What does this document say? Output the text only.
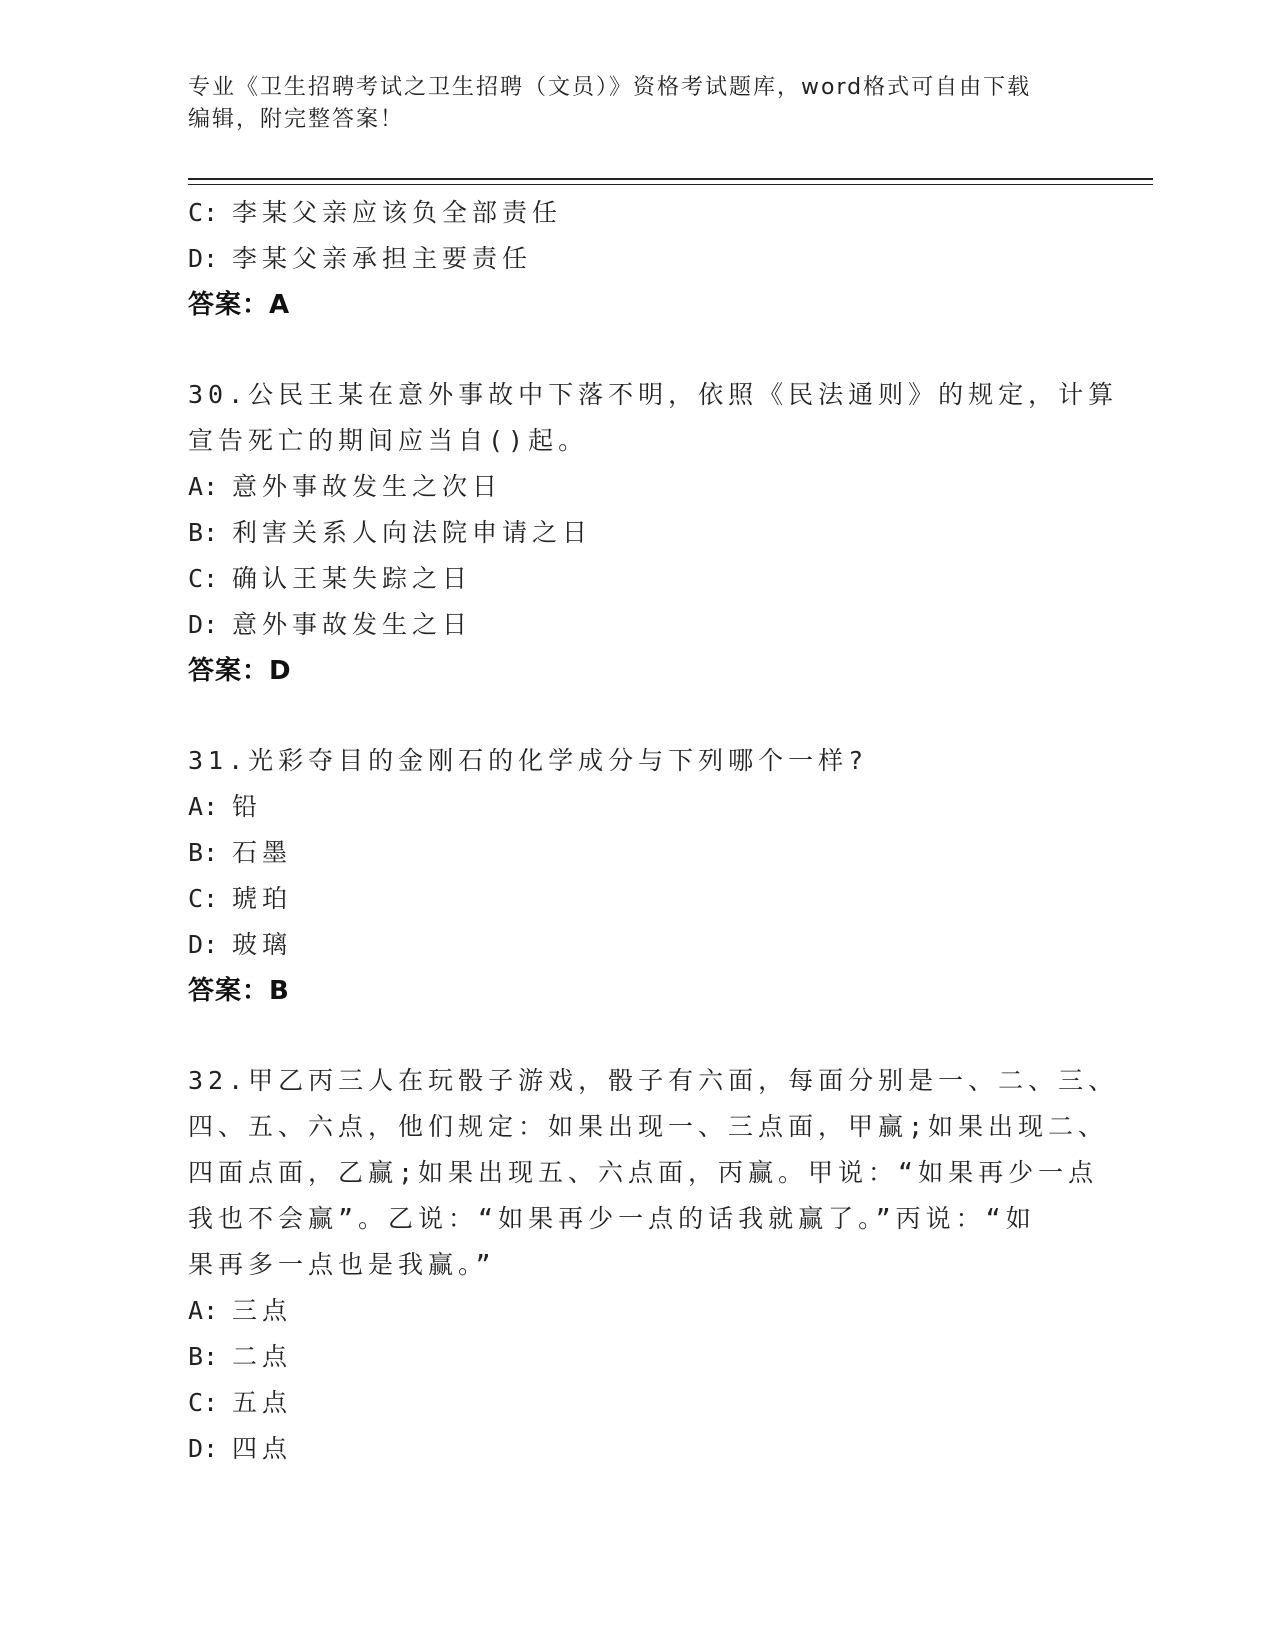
专业《卫生招聘考试之卫生招聘（文员）》资格考试题库，word格式可自由下载
编辑，附完整答案！
C: 李某父亲应该负全部责任
D: 李某父亲承担主要责任
答案：A
30.公民王某在意外事故中下落不明，依照《民法通则》的规定，计算
宣告死亡的期间应当自()起。
A: 意外事故发生之次日
B: 利害关系人向法院申请之日
C: 确认王某失踪之日
D: 意外事故发生之日
答案：D
31.光彩夺目的金刚石的化学成分与下列哪个一样?
A: 铅
B: 石墨
C: 琥珀
D: 玻璃
答案：B
32.甲乙丙三人在玩骰子游戏，骰子有六面，每面分别是一、二、三、
四、五、六点，他们规定：如果出现一、三点面，甲赢;如果出现二、
四面点面，乙赢;如果出现五、六点面，丙赢。甲说：“如果再少一点
我也不会赢”。乙说：“如果再少一点的话我就赢了。”丙说：“如
果再多一点也是我赢。”
A: 三点
B: 二点
C: 五点
D: 四点
